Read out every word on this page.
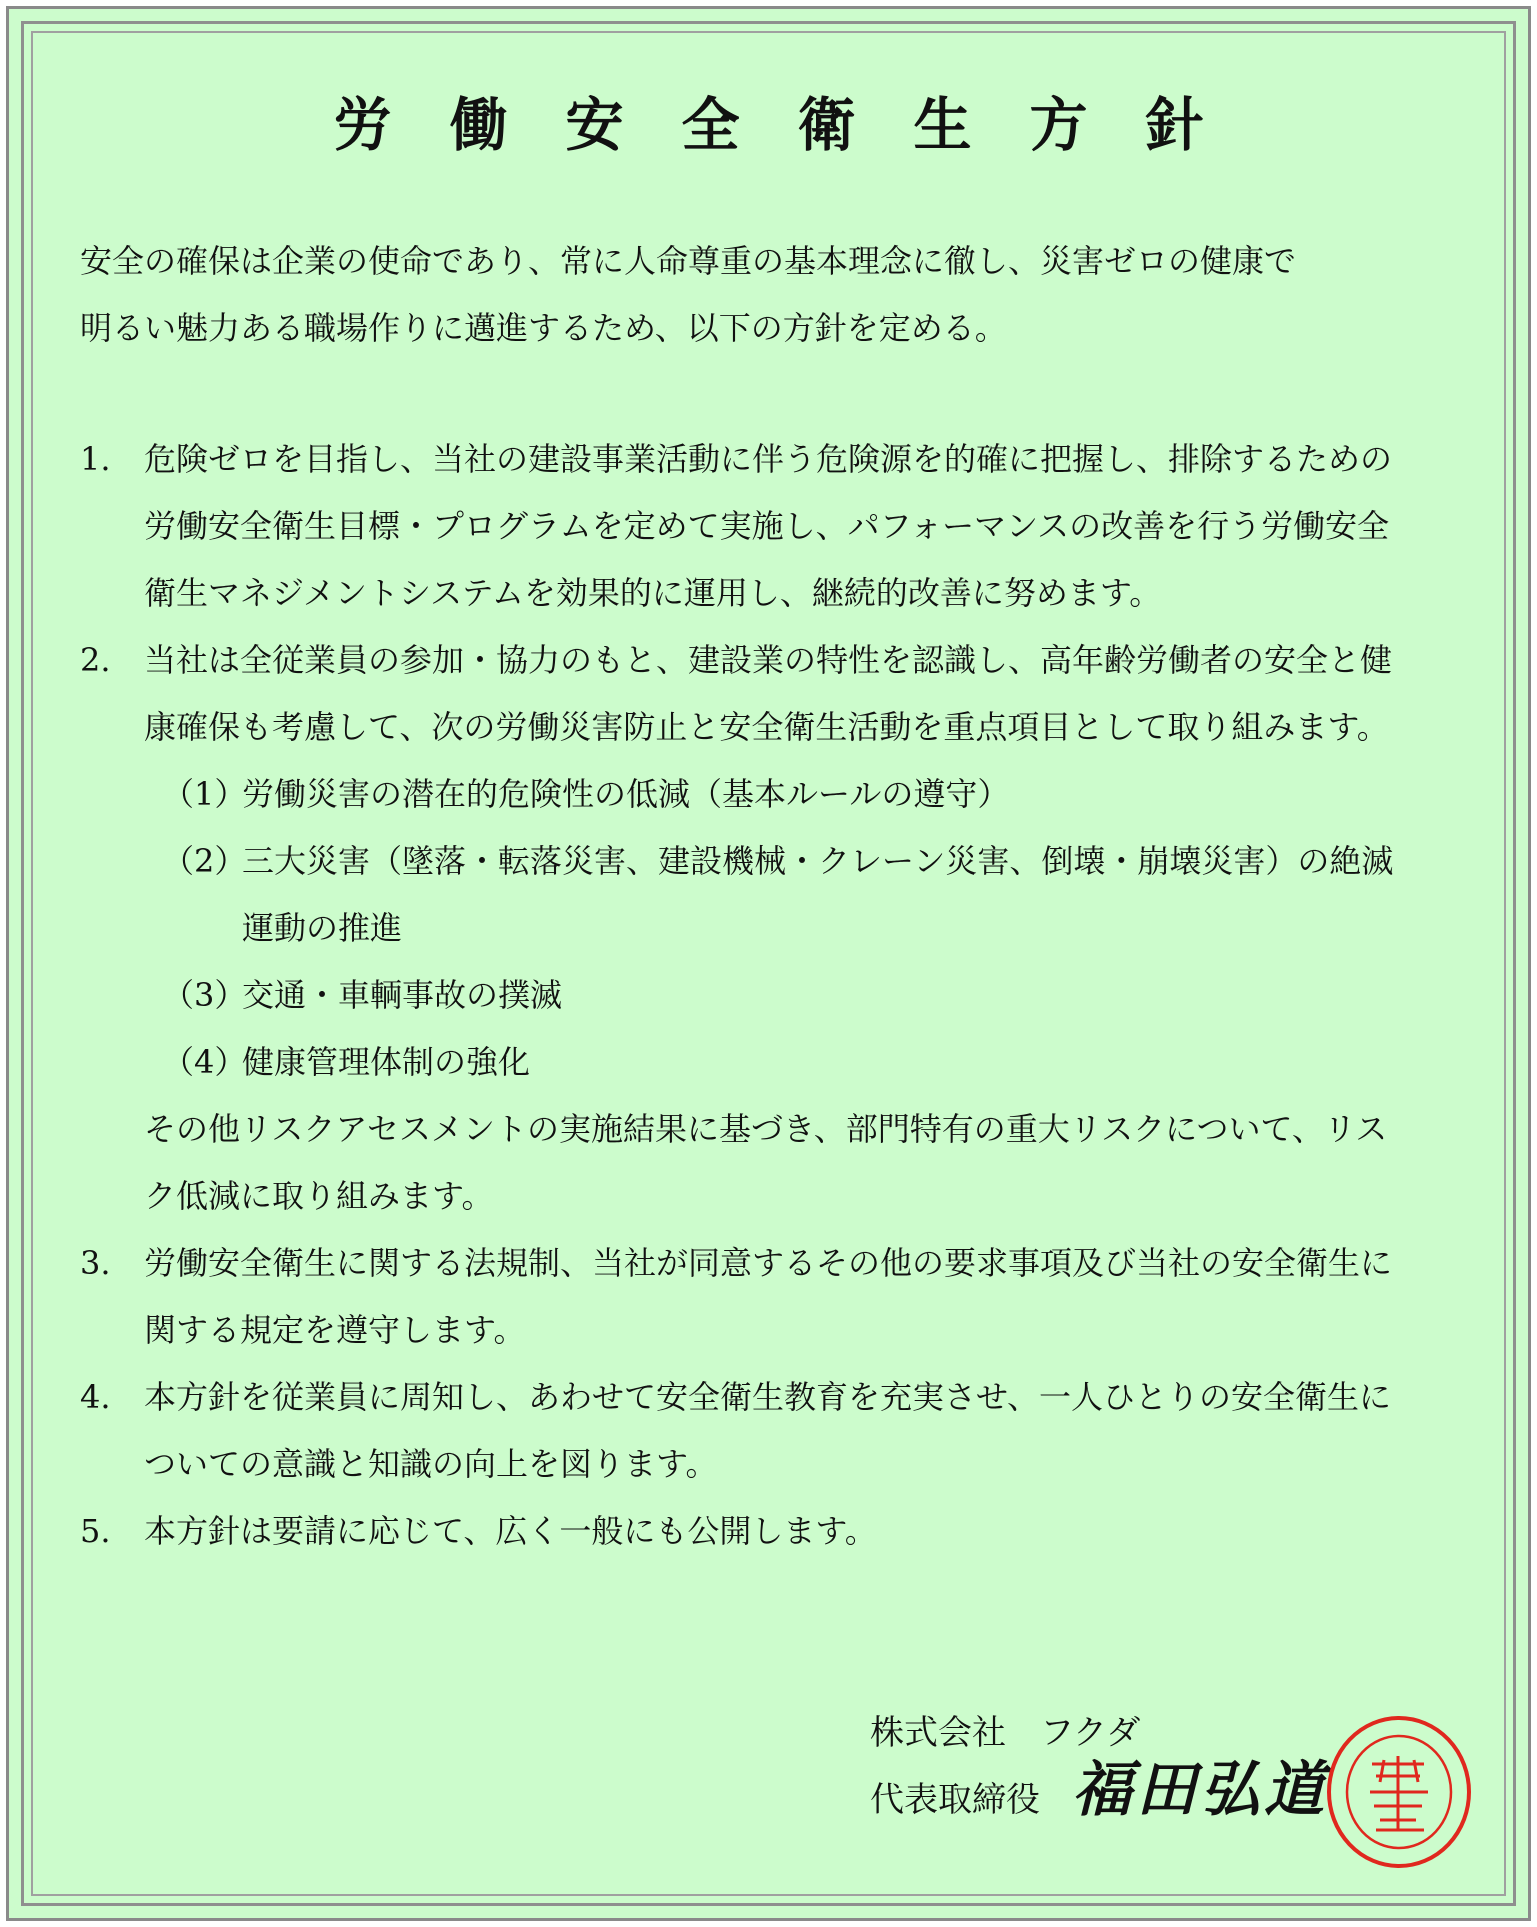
労働安全衛生方針

安全の確保は企業の使命であり、常に人命尊重の基本理念に徹し、災害ゼロの健康で

明るい魅力ある職場作りに邁進するため、以下の方針を定める。

1. 危険ゼロを目指し、当社の建設事業活動に伴う危険源を的確に把握し、排除するための
労働安全衛生目標・プログラムを定めて実施し、パフォーマンスの改善を行う労働安全
衛生マネジメントシステムを効果的に運用し、継続的改善に努めます。
2. 当社は全従業員の参加・協力のもと、建設業の特性を認識し、高年齢労働者の安全と健
康確保も考慮して、次の労働災害防止と安全衛生活動を重点項目として取り組みます。
（1）
労働災害の潜在的危険性の低減（基本ルールの遵守）
（2）
三大災害（墜落・転落災害、建設機械・クレーン災害、倒壊・崩壊災害）の絶滅
運動の推進
（3）
交通・車輌事故の撲滅
（4）
健康管理体制の強化
その他リスクアセスメントの実施結果に基づき、部門特有の重大リスクについて、リス
ク低減に取り組みます。
3. 労働安全衛生に関する法規制、当社が同意するその他の要求事項及び当社の安全衛生に
関する規定を遵守します。
4. 本方針を従業員に周知し、あわせて安全衛生教育を充実させ、一人ひとりの安全衛生に
ついての意識と知識の向上を図ります。
5. 本方針は要請に応じて、広く一般にも公開します。
株式会社　フクダ
代表取締役 福田弘道
